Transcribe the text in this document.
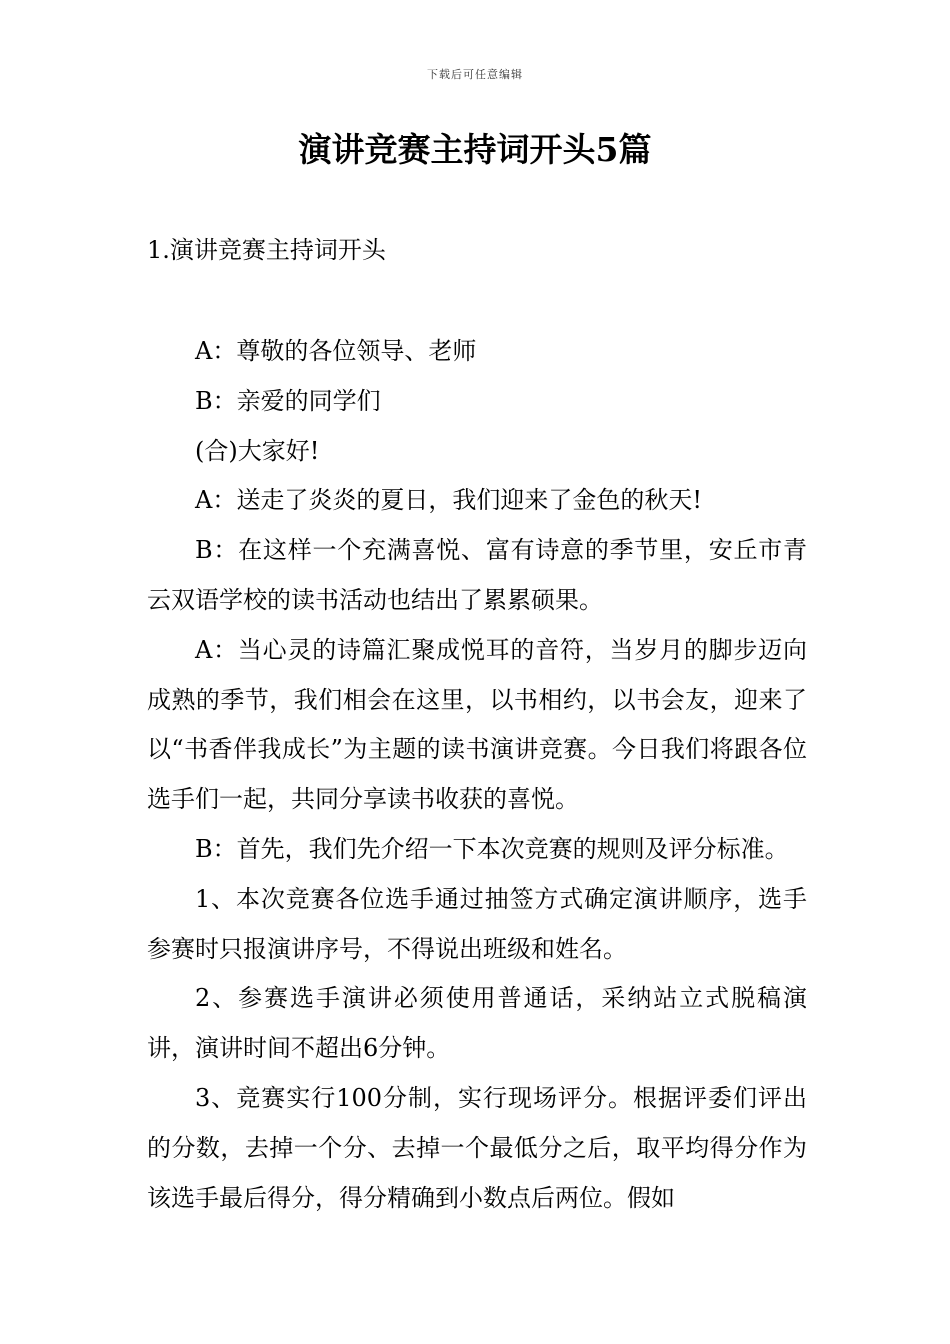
下载后可任意编辑
演讲竞赛主持词开头5篇
1.演讲竞赛主持词开头

A：尊敬的各位领导、老师

B：亲爱的同学们

(合)大家好!

A：送走了炎炎的夏日，我们迎来了金色的秋天!

B：在这样一个充满喜悦、富有诗意的季节里，安丘市青云双语学校的读书活动也结出了累累硕果。

A：当心灵的诗篇汇聚成悦耳的音符，当岁月的脚步迈向成熟的季节，我们相会在这里，以书相约，以书会友，迎来了以“书香伴我成长”为主题的读书演讲竞赛。今日我们将跟各位选手们一起，共同分享读书收获的喜悦。

B：首先，我们先介绍一下本次竞赛的规则及评分标准。

1、本次竞赛各位选手通过抽签方式确定演讲顺序，选手参赛时只报演讲序号，不得说出班级和姓名。

2、参赛选手演讲必须使用普通话，采纳站立式脱稿演讲，演讲时间不超出6分钟。

3、竞赛实行100分制，实行现场评分。根据评委们评出的分数，去掉一个分、去掉一个最低分之后，取平均得分作为该选手最后得分，得分精确到小数点后两位。假如
